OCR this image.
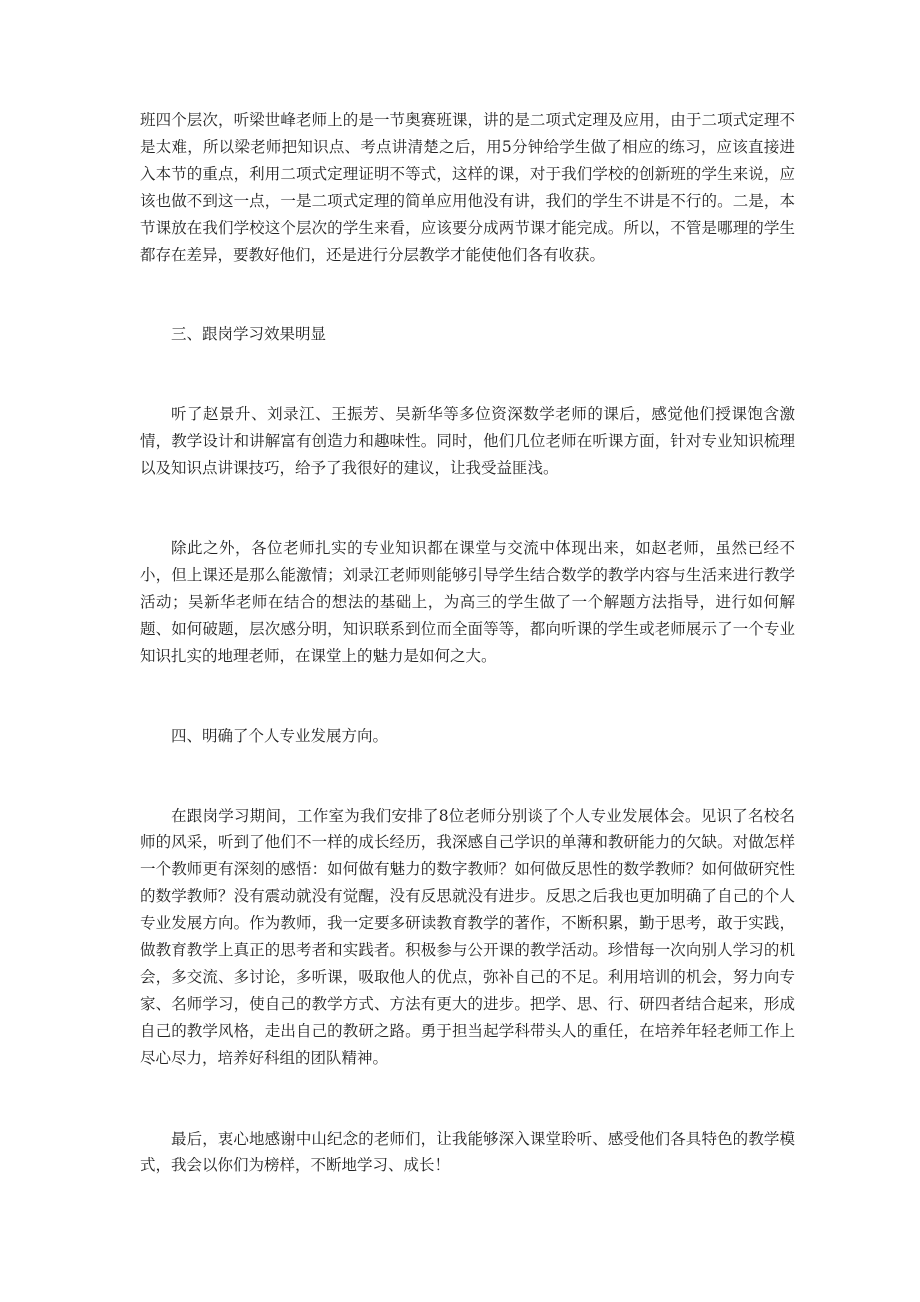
班四个层次，听梁世峰老师上的是一节奥赛班课，讲的是二项式定理及应用，由于二项式定理不是太难，所以梁老师把知识点、考点讲清楚之后，用5分钟给学生做了相应的练习，应该直接进入本节的重点，利用二项式定理证明不等式，这样的课，对于我们学校的创新班的学生来说，应该也做不到这一点，一是二项式定理的简单应用他没有讲，我们的学生不讲是不行的。二是，本节课放在我们学校这个层次的学生来看，应该要分成两节课才能完成。所以，不管是哪理的学生都存在差异，要教好他们，还是进行分层教学才能使他们各有收获。

三、跟岗学习效果明显

听了赵景升、刘录江、王振芳、吴新华等多位资深数学老师的课后，感觉他们授课饱含激情，教学设计和讲解富有创造力和趣味性。同时，他们几位老师在听课方面，针对专业知识梳理以及知识点讲课技巧，给予了我很好的建议，让我受益匪浅。

除此之外，各位老师扎实的专业知识都在课堂与交流中体现出来，如赵老师，虽然已经不小，但上课还是那么能激情；刘录江老师则能够引导学生结合数学的教学内容与生活来进行教学活动；吴新华老师在结合的想法的基础上，为高三的学生做了一个解题方法指导，进行如何解题、如何破题，层次感分明，知识联系到位而全面等等，都向听课的学生或老师展示了一个专业知识扎实的地理老师，在课堂上的魅力是如何之大。

四、明确了个人专业发展方向。

在跟岗学习期间，工作室为我们安排了8位老师分别谈了个人专业发展体会。见识了名校名师的风采，听到了他们不一样的成长经历，我深感自己学识的单薄和教研能力的欠缺。对做怎样一个教师更有深刻的感悟：如何做有魅力的数字教师？如何做反思性的数学教师？如何做研究性的数学教师？没有震动就没有觉醒，没有反思就没有进步。反思之后我也更加明确了自己的个人专业发展方向。作为教师，我一定要多研读教育教学的著作，不断积累，勤于思考，敢于实践，做教育教学上真正的思考者和实践者。积极参与公开课的教学活动。珍惜每一次向别人学习的机会，多交流、多讨论，多听课，吸取他人的优点，弥补自己的不足。利用培训的机会，努力向专家、名师学习，使自己的教学方式、方法有更大的进步。把学、思、行、研四者结合起来，形成自己的教学风格，走出自己的教研之路。勇于担当起学科带头人的重任，在培养年轻老师工作上尽心尽力，培养好科组的团队精神。

最后，衷心地感谢中山纪念的老师们，让我能够深入课堂聆听、感受他们各具特色的教学模式，我会以你们为榜样，不断地学习、成长！
